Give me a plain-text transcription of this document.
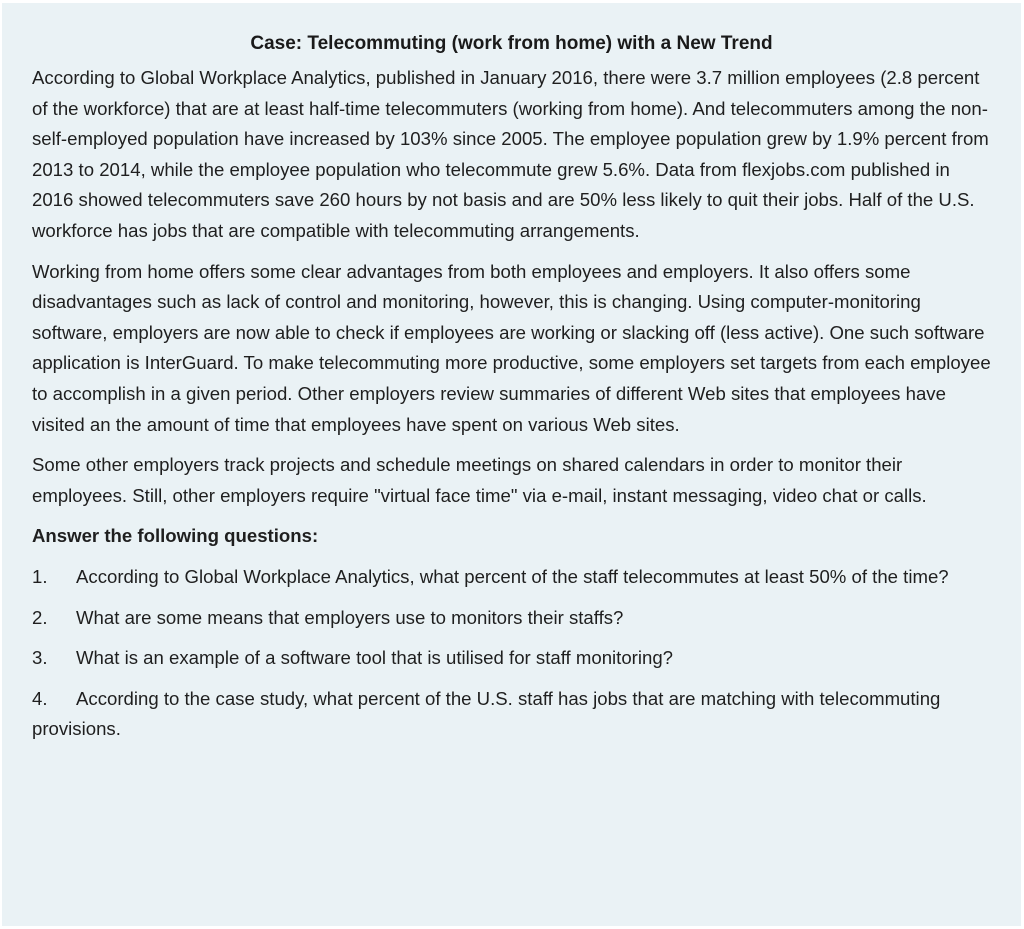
Case: Telecommuting (work from home) with a New Trend

According to Global Workplace Analytics, published in January 2016, there were 3.7 million employees (2.8 percent of the workforce) that are at least half-time telecommuters (working from home). And telecommuters among the non-self-employed population have increased by 103% since 2005. The employee population grew by 1.9% percent from 2013 to 2014, while the employee population who telecommute grew 5.6%. Data from flexjobs.com published in 2016 showed telecommuters save 260 hours by not basis and are 50% less likely to quit their jobs. Half of the U.S. workforce has jobs that are compatible with telecommuting arrangements.

Working from home offers some clear advantages from both employees and employers. It also offers some disadvantages such as lack of control and monitoring, however, this is changing. Using computer-monitoring software, employers are now able to check if employees are working or slacking off (less active). One such software application is InterGuard. To make telecommuting more productive, some employers set targets from each employee to accomplish in a given period. Other employers review summaries of different Web sites that employees have visited an the amount of time that employees have spent on various Web sites.

Some other employers track projects and schedule meetings on shared calendars in order to monitor their employees. Still, other employers require "virtual face time" via e-mail, instant messaging, video chat or calls.

Answer the following questions:

1. According to Global Workplace Analytics, what percent of the staff telecommutes at least 50% of the time?

2. What are some means that employers use to monitors their staffs?

3. What is an example of a software tool that is utilised for staff monitoring?

4. According to the case study, what percent of the U.S. staff has jobs that are matching with telecommuting provisions.
